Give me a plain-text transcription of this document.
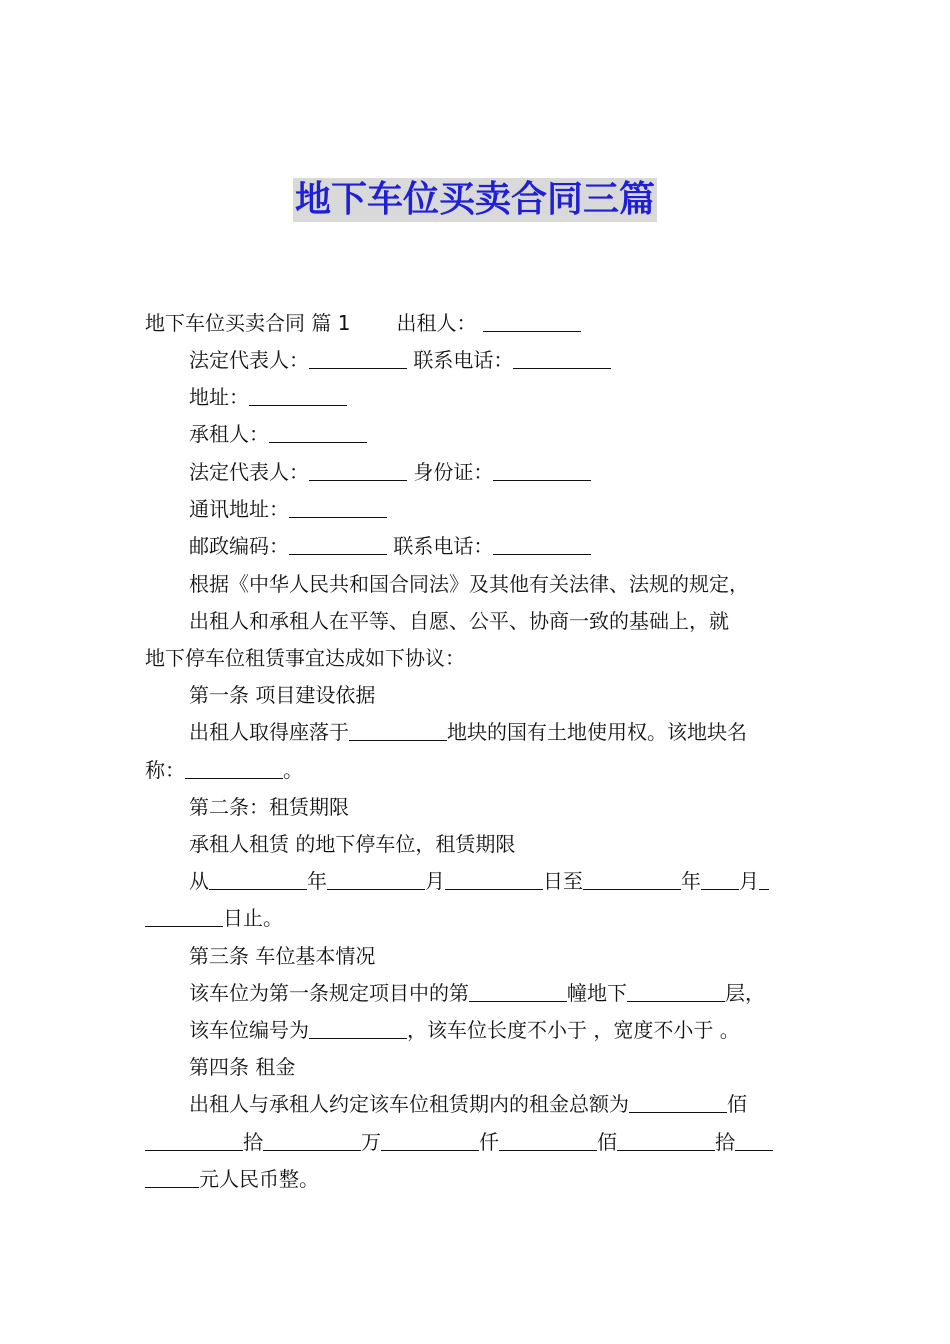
地下车位买卖合同三篇
地下车位买卖合同 篇 1 出租人：
法定代表人：	联系电话：
地址：
承租人：
法定代表人：	身份证：
通讯地址：
邮政编码：	联系电话：
根据《中华人民共和国合同法》及其他有关法律、法规的规定，
出租人和承租人在平等、自愿、公平、协商一致的基础上，就
地下停车位租赁事宜达成如下协议：
第一条 项目建设依据
出租人取得座落于	地块的国有土地使用权。该地块名
称：	。
第二条：租赁期限
承租人租赁 的地下停车位，租赁期限
从	年	月	日至	年 月
日止。
第三条 车位基本情况
该车位为第一条规定项目中的第	幢地下	层，
该车位编号为	，该车位长度不小于 ，宽度不小于 。
第四条 租金
出租人与承租人约定该车位租赁期内的租金总额为	佰
拾	万	仟	佰	拾
元人民币整。
